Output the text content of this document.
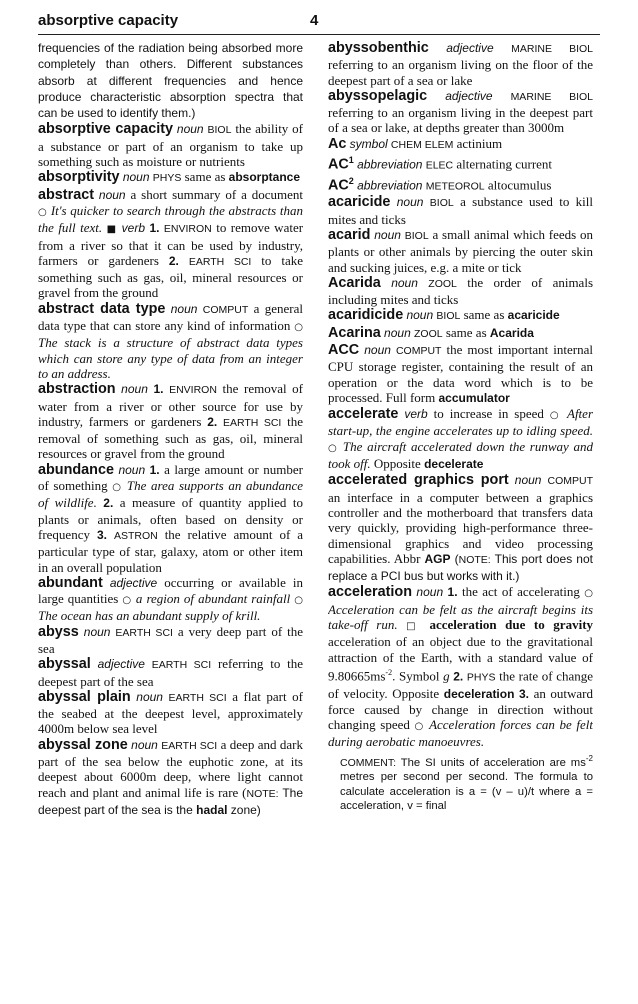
absorptive capacity	4

frequencies of the radiation being absorbed more completely than others. Different substances absorb at different frequencies and hence produce characteristic absorption spectra that can be used to identify them.)

absorptive capacity noun BIOL the ability of a substance or part of an organism to take up something such as moisture or nutrients

absorptivity noun PHYS same as absorptance

abstract noun a short summary of a document ○ It's quicker to search through the abstracts than the full text. ■ verb 1. ENVIRON to remove water from a river so that it can be used by industry, farmers or gardeners 2. EARTH SCI to take something such as gas, oil, mineral resources or gravel from the ground

abstract data type noun COMPUT a general data type that can store any kind of information ○ The stack is a structure of abstract data types which can store any type of data from an integer to an address.

abstraction noun 1. ENVIRON the removal of water from a river or other source for use by industry, farmers or gardeners 2. EARTH SCI the removal of something such as gas, oil, mineral resources or gravel from the ground

abundance noun 1. a large amount or number of something ○ The area supports an abundance of wildlife. 2. a measure of quantity applied to plants or animals, often based on density or frequency 3. ASTRON the relative amount of a particular type of star, galaxy, atom or other item in an overall population

abundant adjective occurring or available in large quantities ○ a region of abundant rainfall ○ The ocean has an abundant supply of krill.

abyss noun EARTH SCI a very deep part of the sea

abyssal adjective EARTH SCI referring to the deepest part of the sea

abyssal plain noun EARTH SCI a flat part of the seabed at the deepest level, approximately 4000m below sea level

abyssal zone noun EARTH SCI a deep and dark part of the sea below the euphotic zone, at its deepest about 6000m deep, where light cannot reach and plant and animal life is rare (NOTE: The deepest part of the sea is the hadal zone)

abyssobenthic adjective MARINE BIOL referring to an organism living on the floor of the deepest part of a sea or lake

abyssopelagic adjective MARINE BIOL referring to an organism living in the deepest part of a sea or lake, at depths greater than 3000m

Ac symbol CHEM ELEM actinium

$AC^1$ abbreviation ELEC alternating current

$AC^2$ abbreviation METEOROL altocumulus

acaricide noun BIOL a substance used to kill mites and ticks

acarid noun BIOL a small animal which feeds on plants or other animals by piercing the outer skin and sucking juices, e.g. a mite or tick

Acarida noun ZOOL the order of animals including mites and ticks

acaridicide noun BIOL same as acaricide

Acarina noun ZOOL same as Acarida

ACC noun COMPUT the most important internal CPU storage register, containing the result of an operation or the data word which is to be processed. Full form accumulator

accelerate verb to increase in speed ○ After start-up, the engine accelerates up to idling speed. ○ The aircraft accelerated down the runway and took off. Opposite decelerate

accelerated graphics port noun COMPUT an interface in a computer between a graphics controller and the motherboard that transfers data very quickly, providing high-performance three-dimensional graphics and video processing capabilities. Abbr AGP (NOTE: This port does not replace a PCI bus but works with it.)

acceleration noun 1. the act of accelerating ○ Acceleration can be felt as the aircraft begins its take-off run. □ acceleration due to gravity acceleration of an object due to the gravitational attraction of the Earth, with a standard value of $9.80665ms^{-2}$. Symbol g 2. PHYS the rate of change of velocity. Opposite deceleration 3. an outward force caused by change in direction without changing speed ○ Acceleration forces can be felt during aerobatic manoeuvres.

COMMENT: The SI units of acceleration are $ms^{-2}$ metres per second per second. The formula to calculate acceleration is a = (v – u)/t where a = acceleration, v = final
